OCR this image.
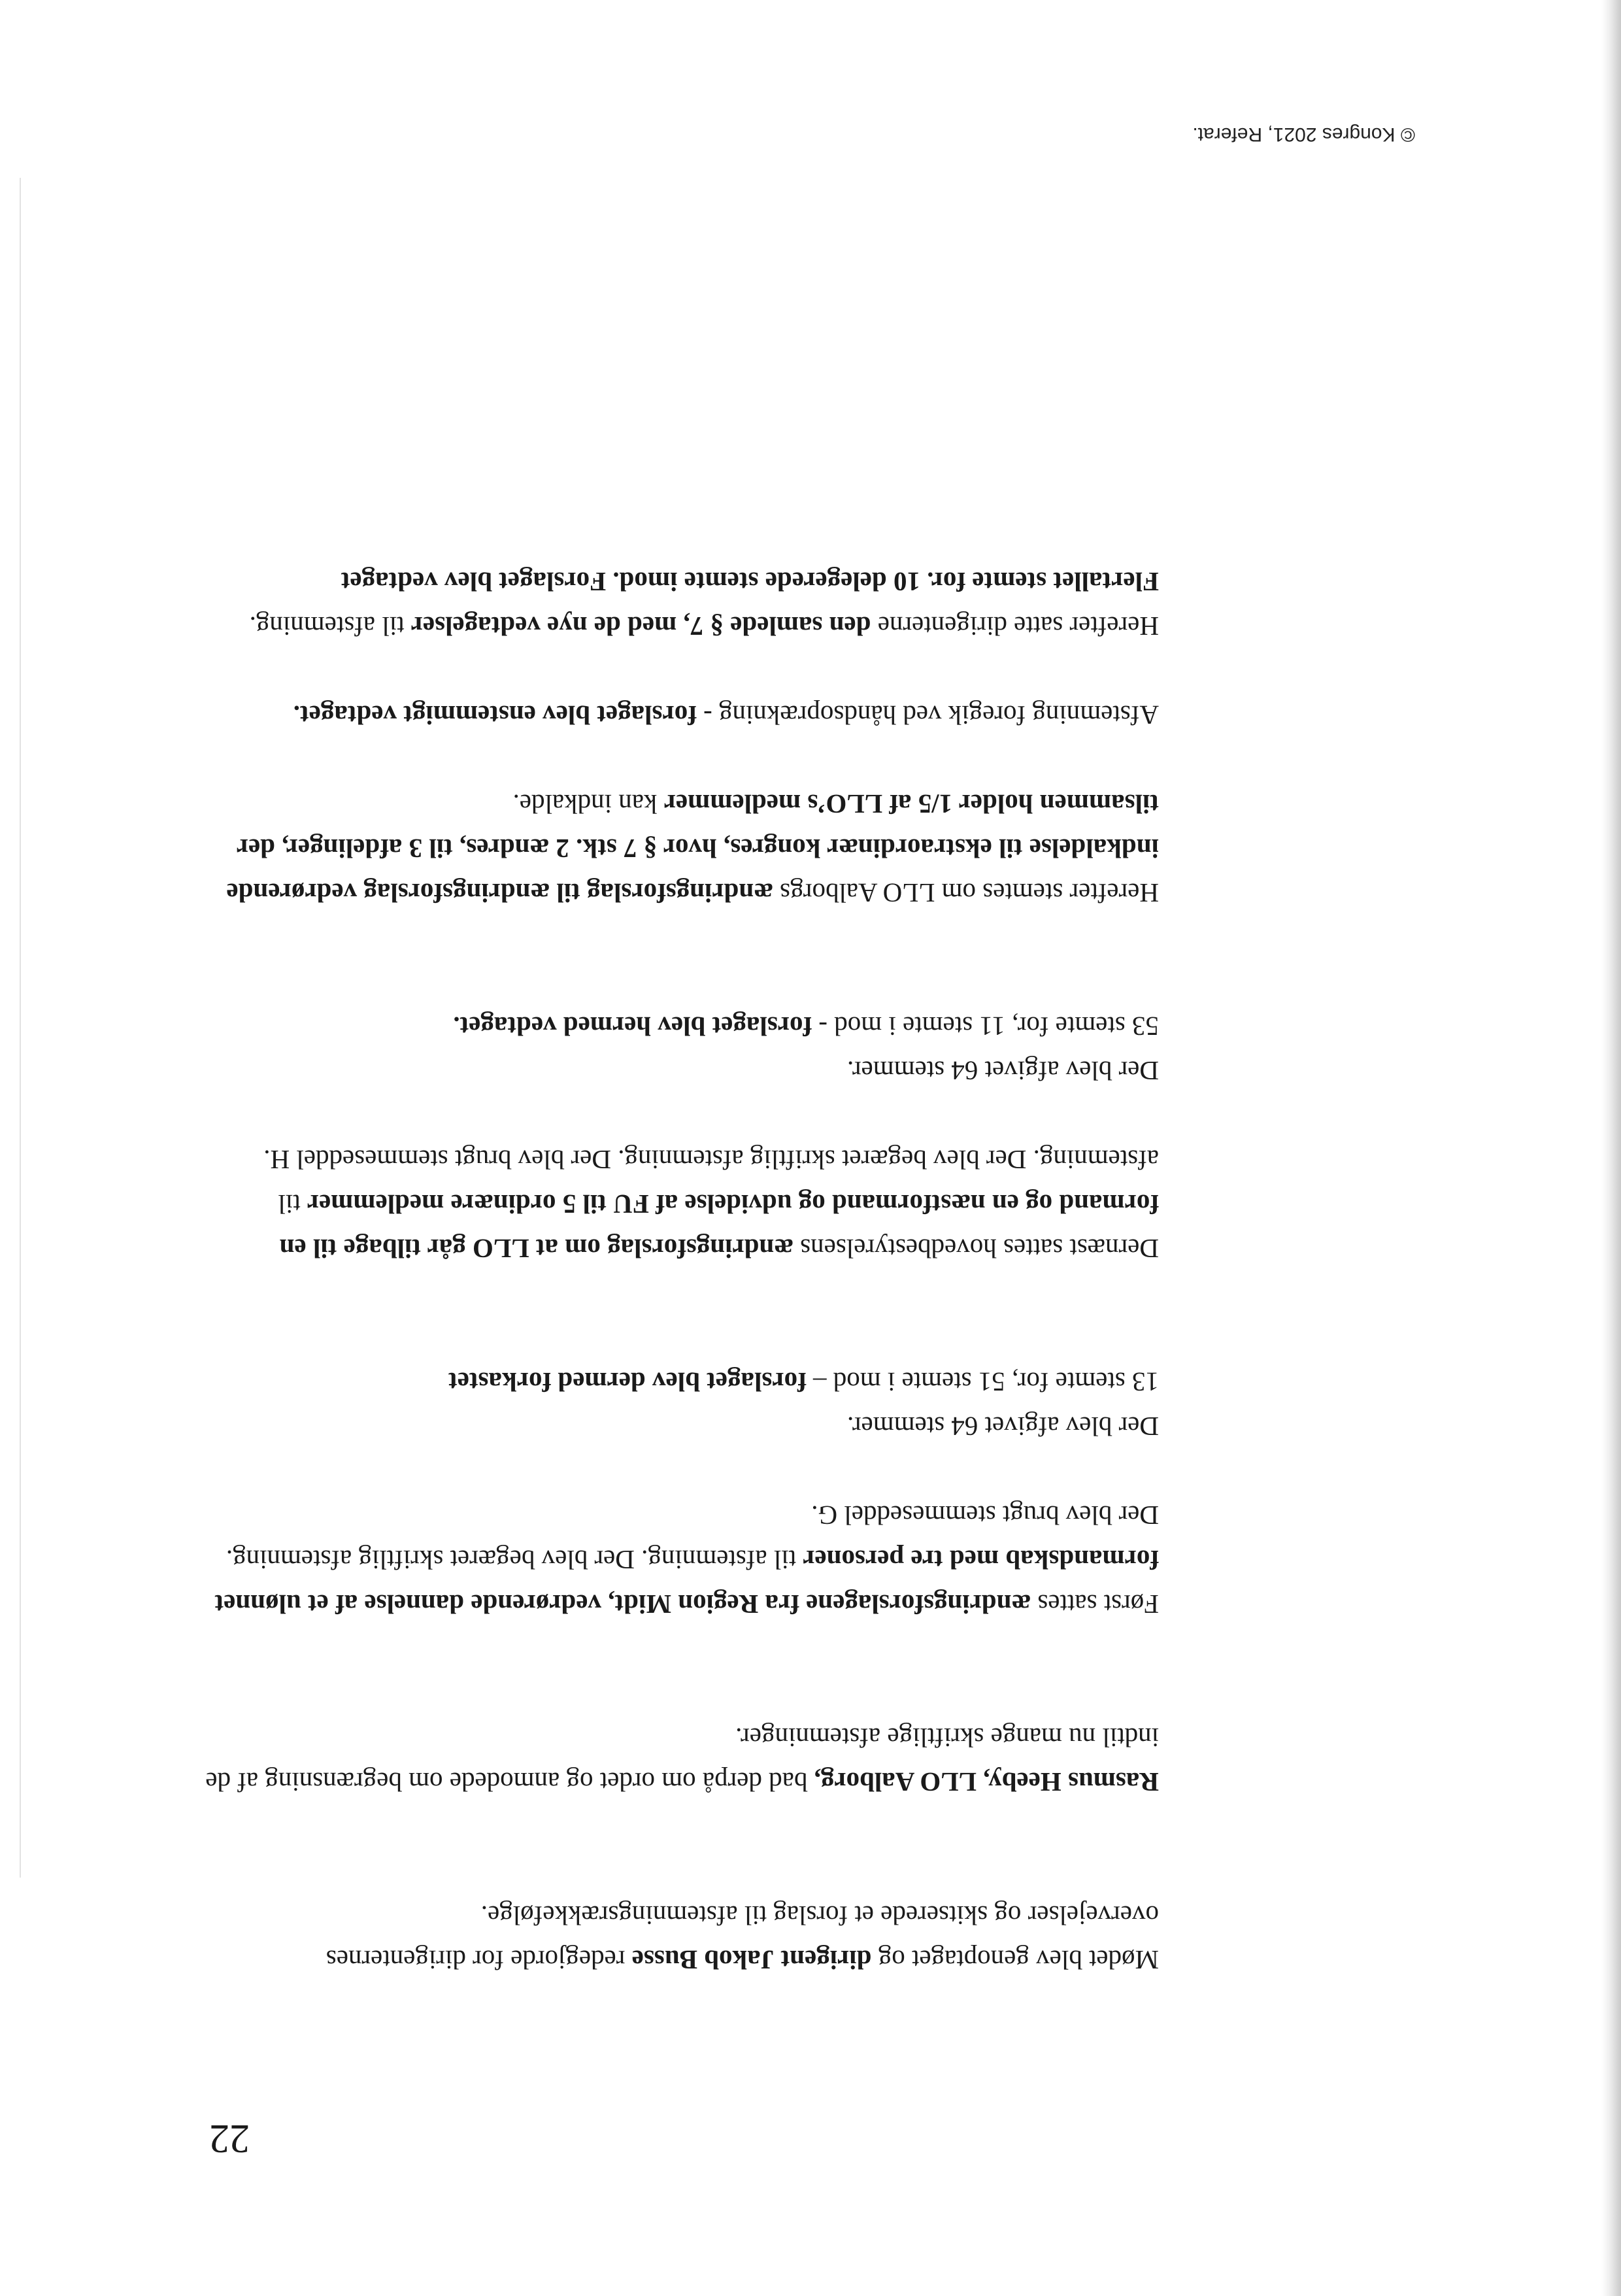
22

Mødet blev genoptaget og dirigent Jakob Busse redegjorde for dirigenternes overvejelser og skitserede et forslag til afstemningsrækkefølge.

Rasmus Heeby, LLO Aalborg, bad derpå om ordet og anmodede om begrænsning af de indtil nu mange skriftlige afstemninger.

Først sattes ændringsforslagene fra Region Midt, vedrørende dannelse af et ulønnet formandskab med tre personer til afstemning. Der blev begæret skriftlig afstemning. Der blev brugt stemmeseddel G.

Der blev afgivet 64 stemmer.

13 stemte for, 51 stemte i mod – forslaget blev dermed forkastet

Dernæst sattes hovedbestyrelsens ændringsforslag om at LLO går tilbage til en formand og en næstformand og udvidelse af FU til 5 ordinære medlemmer til afstemning. Der blev begæret skriftlig afstemning. Der blev brugt stemmeseddel H.

Der blev afgivet 64 stemmer.

53 stemte for, 11 stemte i mod - forslaget blev hermed vedtaget.

Herefter stemtes om LLO Aalborgs ændringsforslag til ændringsforslag vedrørende indkaldelse til ekstraordinær kongres, hvor § 7 stk. 2 ændres, til 3 afdelinger, der tilsammen holder 1/5 af LLO’s medlemmer kan indkalde.

Afstemning foregik ved håndsoprækning - forslaget blev enstemmigt vedtaget.

Herefter satte dirigenterne den samlede § 7, med de nye vedtagelser til afstemning.

Flertallet stemte for. 10 delegerede stemte imod. Forslaget blev vedtaget

© Kongres 2021, Referat.
